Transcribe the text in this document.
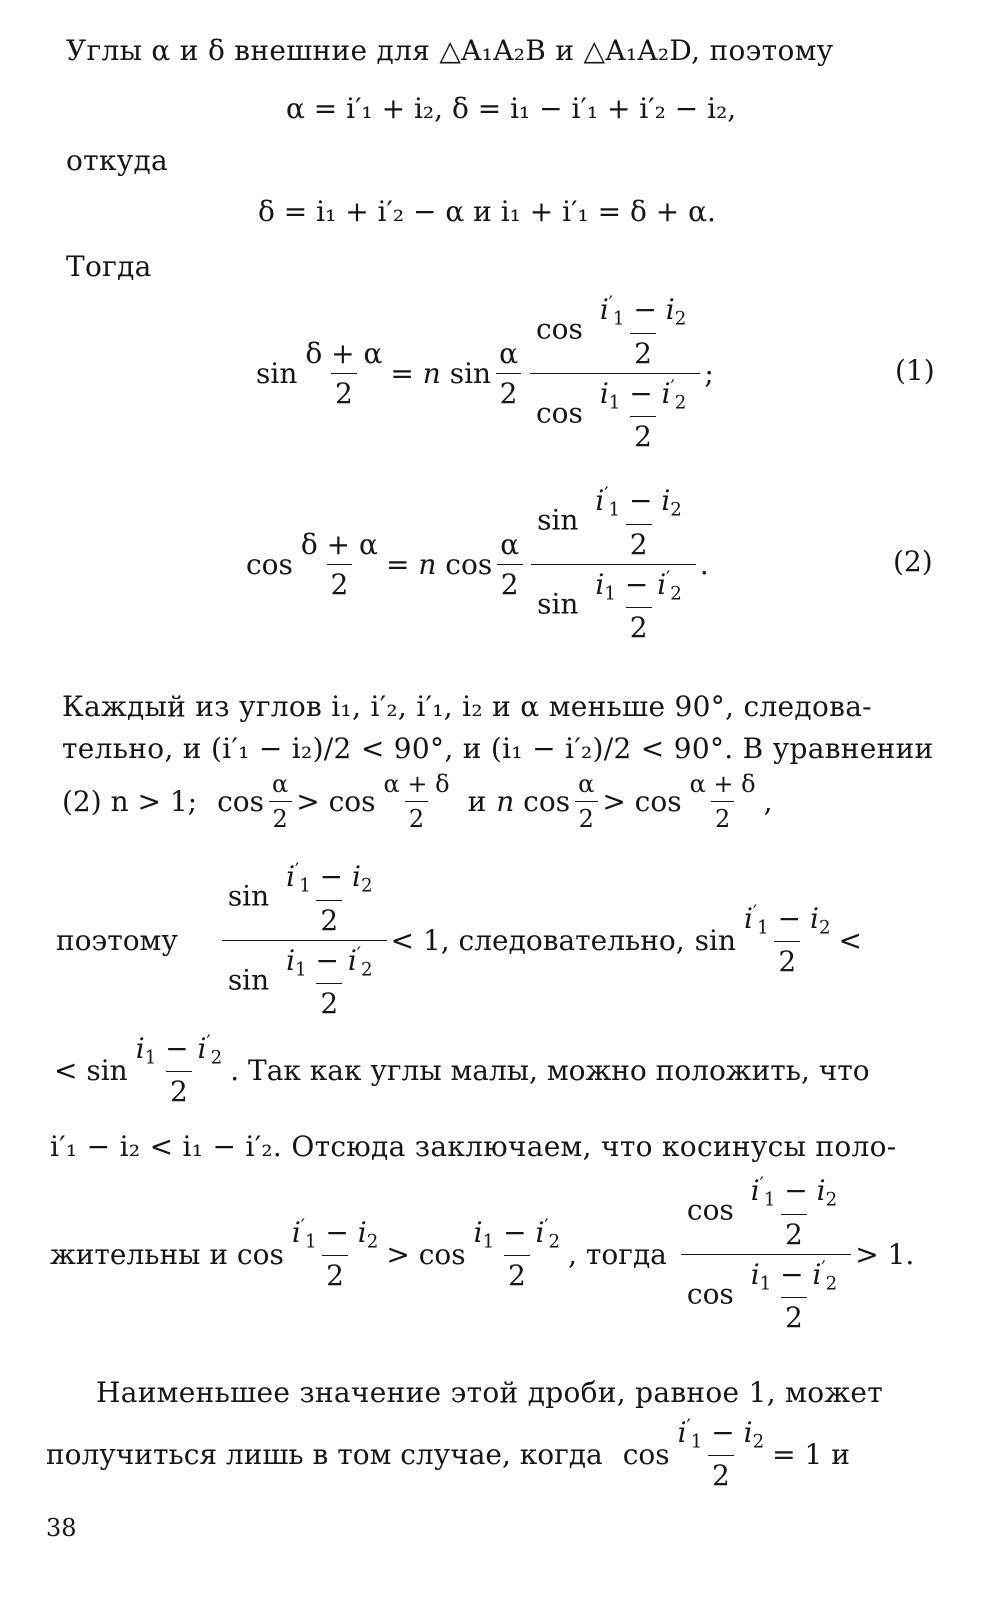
Углы α и δ внешние для △A₁A₂B и △A₁A₂D, поэтому
α = i′₁ + i₂, δ = i₁ − i′₁ + i′₂ − i₂,
откуда
δ = i₁ + i′₂ − α и i₁ + i′₁ = δ + α.
Тогда
$\sin \frac{\delta + \alpha}{2} = n$ sin
α
2
$\cos \frac{i'_1 - i_2}{2}$
$\cos \frac{i_1 - i'_2}{2}$
;	(1)
$\cos \frac{\delta + \alpha}{2} = n$ cos
α
2
$\sin \frac{i'_1 - i_2}{2}$
$\sin \frac{i_1 - i'_2}{2}$
.	(2)
Каждый из углов i₁, i′₂, i′₁, i₂ и α меньше 90°, следова-
тельно, и (i′₁ − i₂)/2 < 90°, и (i₁ − i′₂)/2 < 90°. В уравнении
(2) n > 1; cos
α
2
> cos
α + δ
2
и n cos
α
2
> cos
α + δ
2
,
поэтому
$\sin \frac{i'_1 - i_2}{2}$
$\sin \frac{i_1 - i'_2}{2}$
< 1, следовательно, sin
$i'_1 - i_2$
2
<
< sin
$i_1 - i'_2$
2
. Так как углы малы, можно положить, что
i′₁ − i₂ < i₁ − i′₂. Отсюда заключаем, что косинусы поло-
жительны и cos
$i'_1 - i_2$
2
> cos
$i_1 - i'_2$
2
, тогда
$\cos \frac{i'_1 - i_2}{2}$
$\cos \frac{i_1 - i'_2}{2}$
> 1.
Наименьшее значение этой дроби, равное 1, может
получиться лишь в том случае, когда $\cos \frac{i'_1 - i_2}{2} = 1$ и
38
